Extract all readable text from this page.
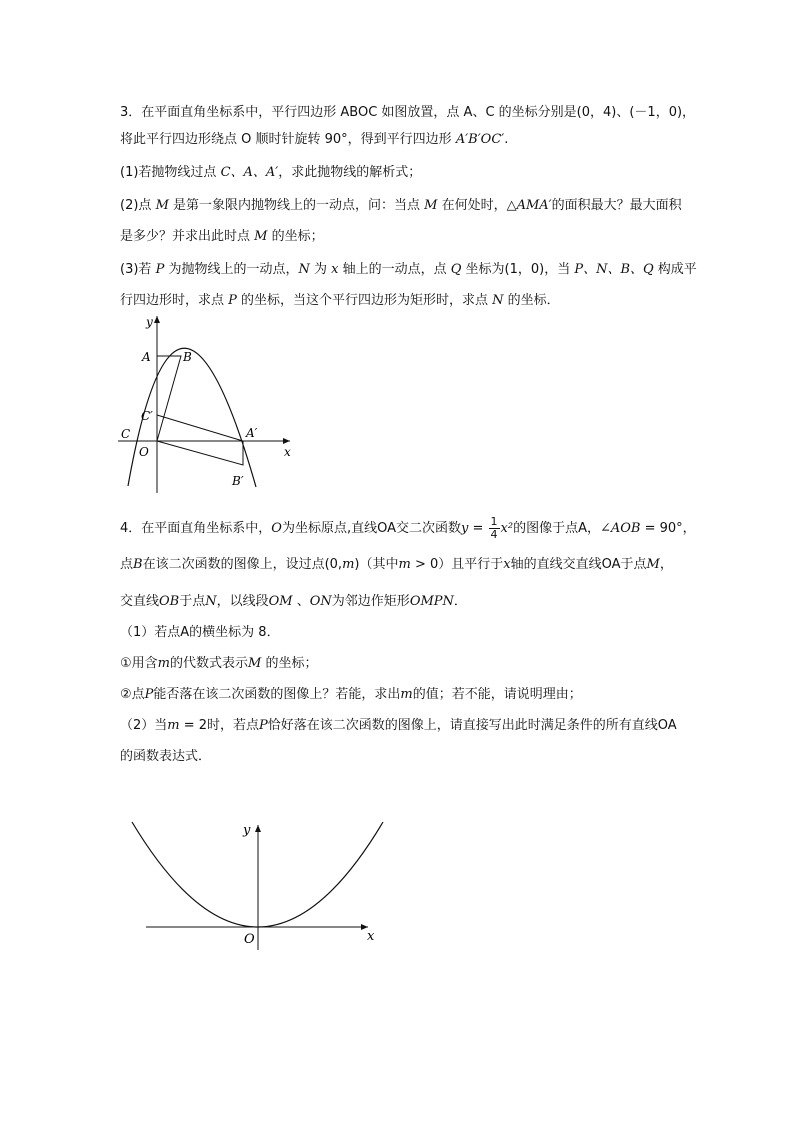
3．在平面直角坐标系中，平行四边形 ABOC 如图放置，点 A、C 的坐标分别是(0，4)、(－1，0)，
将此平行四边形绕点 O 顺时针旋转 90°，得到平行四边形 A′B′OC′.
(1)若抛物线过点 C、A、A′，求此抛物线的解析式；
(2)点 M 是第一象限内抛物线上的一动点，问：当点 M 在何处时，△AMA′的面积最大？最大面积
是多少？并求出此时点 M 的坐标；
(3)若 P 为抛物线上的一动点，N 为 x 轴上的一动点，点 Q 坐标为(1，0)，当 P、N、B、Q 构成平
行四边形时，求点 P 的坐标，当这个平行四边形为矩形时，求点 N 的坐标．
y
A	B
C′
C	A′
O	x
B′
4．在平面直角坐标系中，O为坐标原点,直线OA交二次函数$y = \frac{1}{4} x^2$的图像于点A，∠AOB = 90°，
点B在该二次函数的图像上，设过点(0,m)（其中m > 0）且平行于x轴的直线交直线OA于点M，
交直线OB于点N，以线段OM 、ON为邻边作矩形OMPN．
（1）若点A的横坐标为 8．
①用含m的代数式表示M 的坐标；
②点P能否落在该二次函数的图像上？若能，求出m的值；若不能，请说明理由；
（2）当m = 2时，若点P恰好落在该二次函数的图像上，请直接写出此时满足条件的所有直线OA
的函数表达式．
y
O	x
